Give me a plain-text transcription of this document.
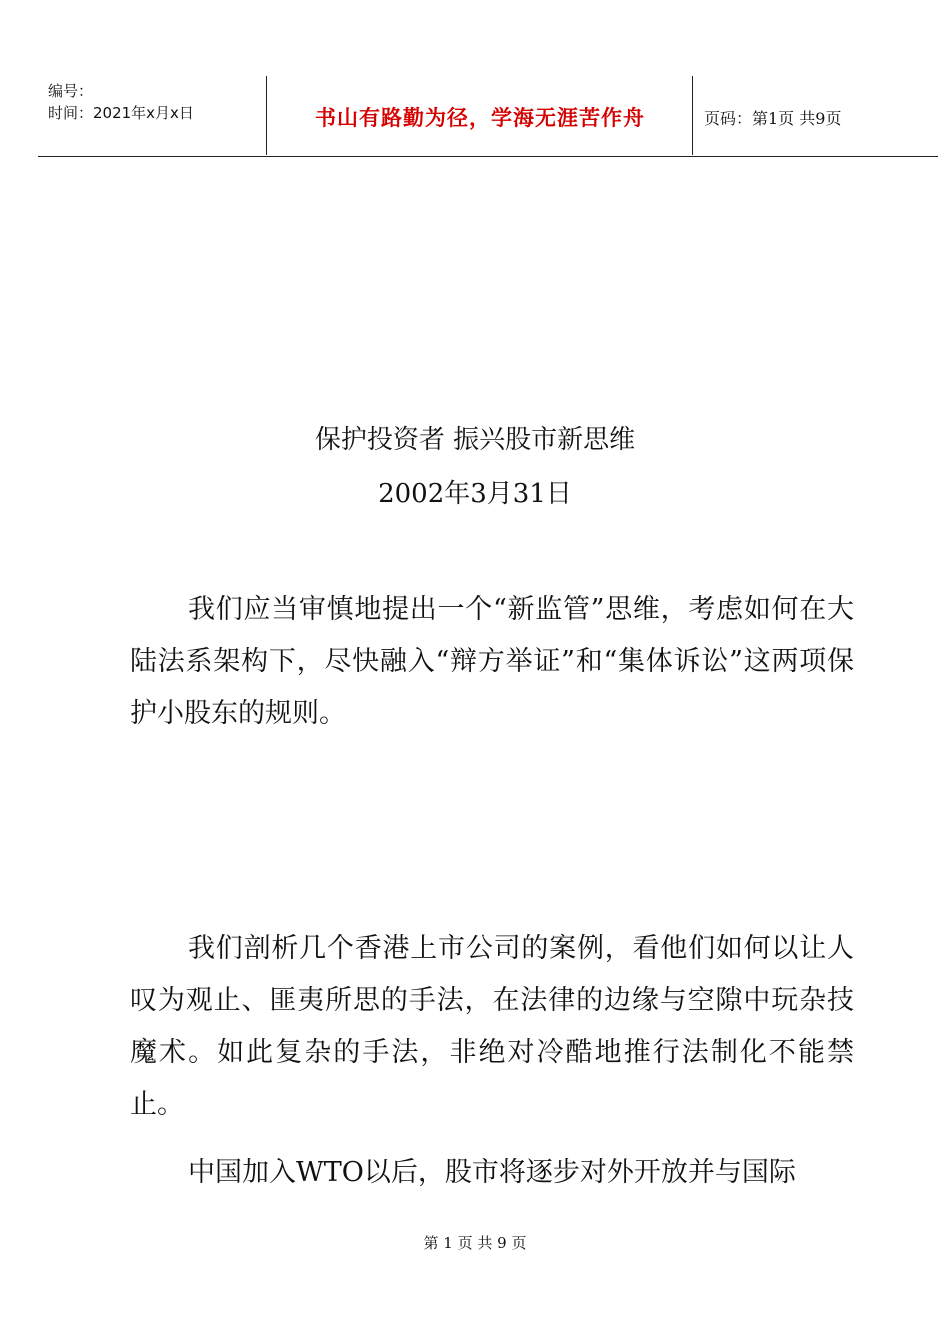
编号：
时间：2021年x月x日	书山有路勤为径，学海无涯苦作舟	页码：第1页 共9页
保护投资者 振兴股市新思维
2002年3月31日

我们应当审慎地提出一个“新监管”思维，考虑如何在大陆法系架构下，尽快融入“辩方举证”和“集体诉讼”这两项保护小股东的规则。

我们剖析几个香港上市公司的案例，看他们如何以让人叹为观止、匪夷所思的手法，在法律的边缘与空隙中玩杂技魔术。如此复杂的手法，非绝对冷酷地推行法制化不能禁止。

中国加入WTO以后，股市将逐步对外开放并与国际

第 1 页 共 9 页
